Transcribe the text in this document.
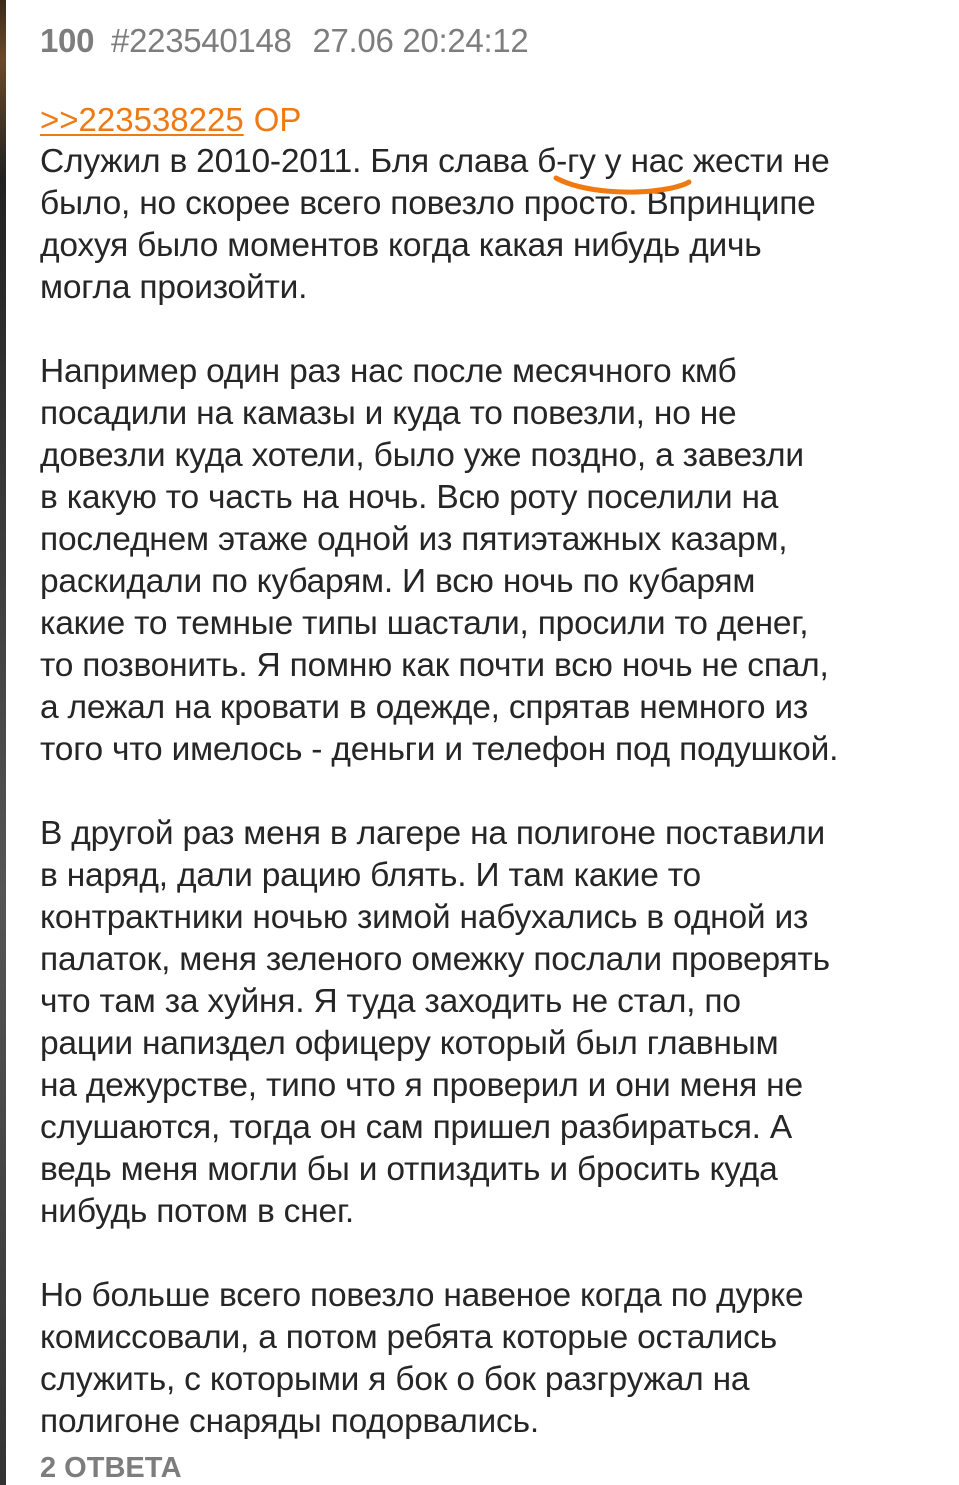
100 #223540148 27.06 20:24:12
>>223538225 OP
Служил в 2010-2011. Бля слава б-гу у нас жести не
было, но скорее всего повезло просто. Впринципе
дохуя было моментов когда какая нибудь дичь
могла произойти.
Например один раз нас после месячного кмб
посадили на камазы и куда то повезли, но не
довезли куда хотели, было уже поздно, а завезли
в какую то часть на ночь. Всю роту поселили на
последнем этаже одной из пятиэтажных казарм,
раскидали по кубарям. И всю ночь по кубарям
какие то темные типы шастали, просили то денег,
то позвонить. Я помню как почти всю ночь не спал,
а лежал на кровати в одежде, спрятав немного из
того что имелось - деньги и телефон под подушкой.
В другой раз меня в лагере на полигоне поставили
в наряд, дали рацию блять. И там какие то
контрактники ночью зимой набухались в одной из
палаток, меня зеленого омежку послали проверять
что там за хуйня. Я туда заходить не стал, по
рации напиздел офицеру который был главным
на дежурстве, типо что я проверил и они меня не
слушаются, тогда он сам пришел разбираться. А
ведь меня могли бы и отпиздить и бросить куда
нибудь потом в снег.
Но больше всего повезло навеное когда по дурке
комиссовали, а потом ребята которые остались
служить, с которыми я бок о бок разгружал на
полигоне снаряды подорвались.
2 ОТВЕТА
